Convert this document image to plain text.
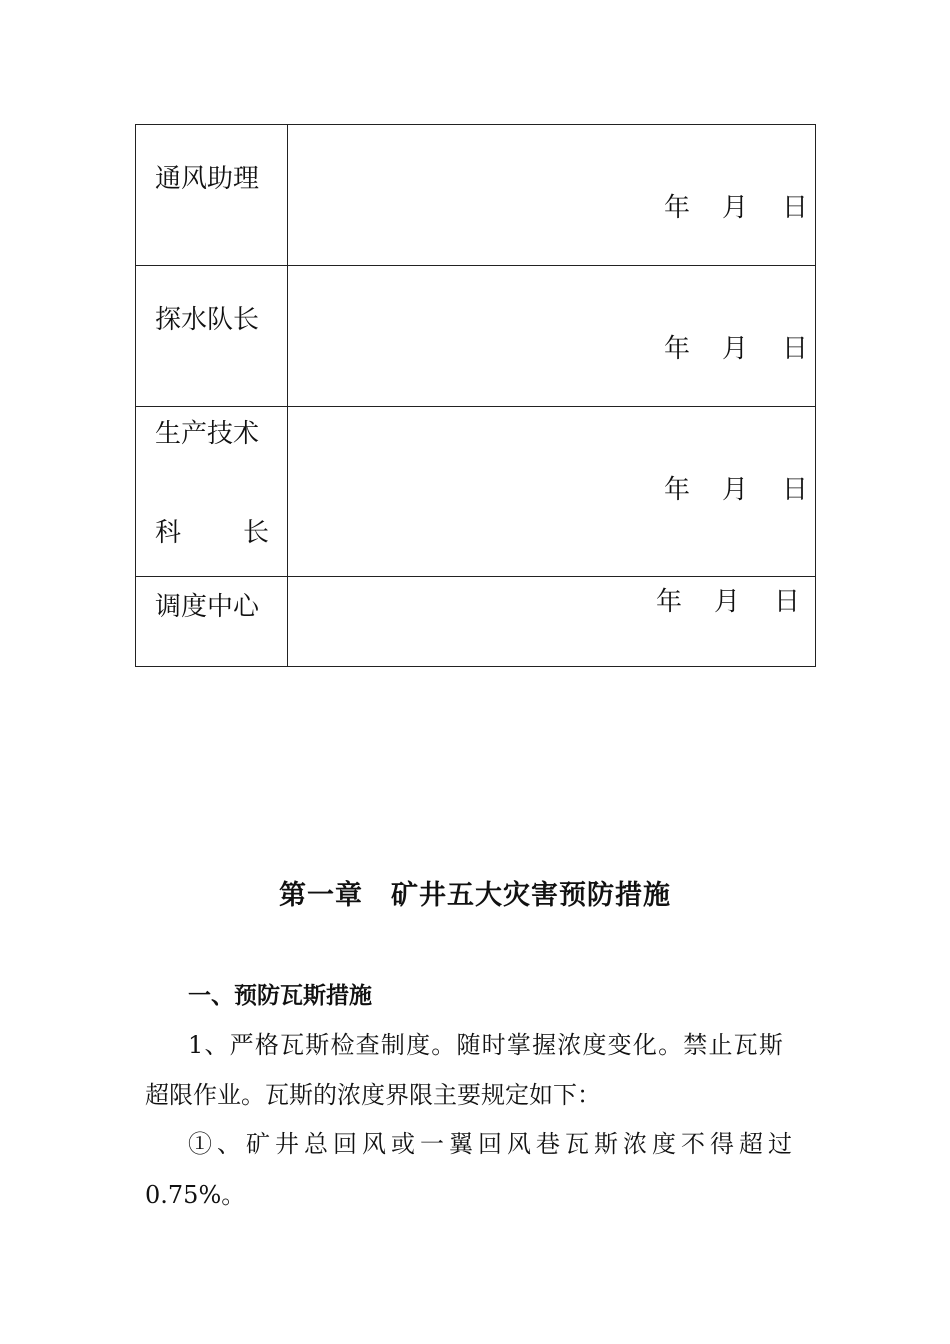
通风助理	年 月 日

探水队长	年 月 日

生产技术
科 长	年 月 日

调度中心	年 月 日
第一章　矿井五大灾害预防措施
一、预防瓦斯措施
1、严格瓦斯检查制度。随时掌握浓度变化。禁止瓦斯
超限作业。瓦斯的浓度界限主要规定如下：
①、矿井总回风或一翼回风巷瓦斯浓度不得超过
0.75%。
